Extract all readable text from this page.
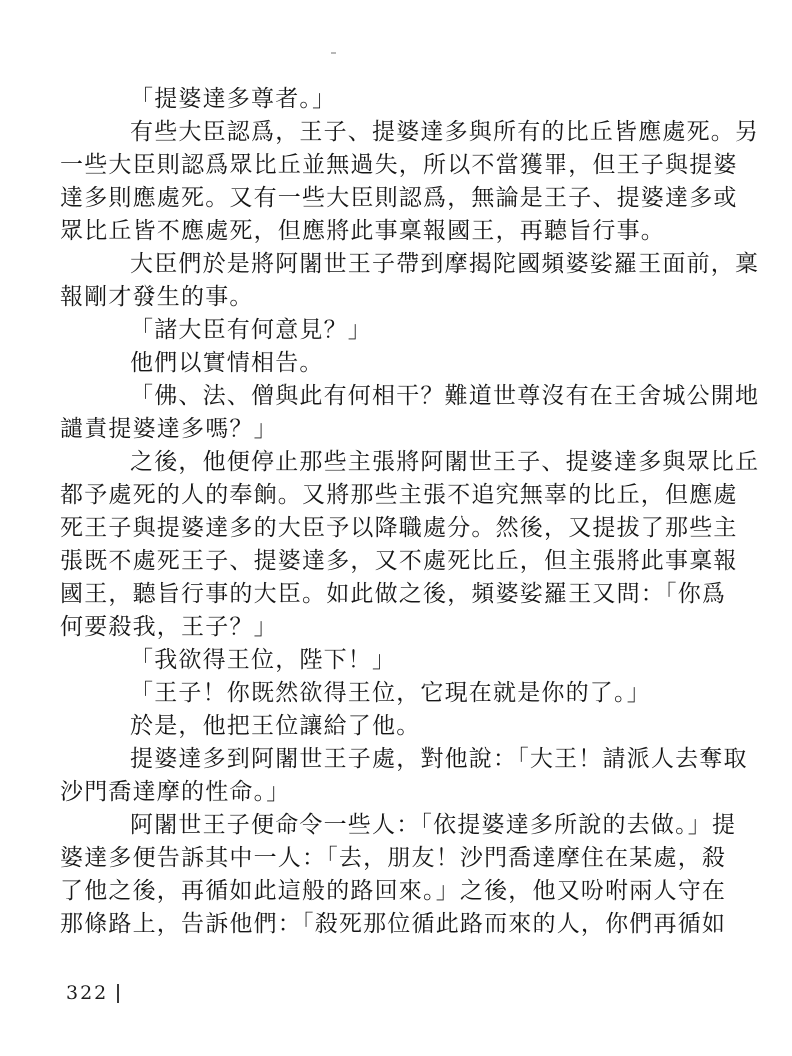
「提婆達多尊者。」
有些大臣認爲，王子、提婆達多與所有的比丘皆應處死。另
一些大臣則認爲眾比丘並無過失，所以不當獲罪，但王子與提婆
達多則應處死。又有一些大臣則認爲，無論是王子、提婆達多或
眾比丘皆不應處死，但應將此事稟報國王，再聽旨行事。
大臣們於是將阿闍世王子帶到摩揭陀國頻婆娑羅王面前，稟
報剛才發生的事。
「諸大臣有何意見？」
他們以實情相告。
「佛、法、僧與此有何相干？難道世尊沒有在王舍城公開地
譴責提婆達多嗎？」
之後，他便停止那些主張將阿闍世王子、提婆達多與眾比丘
都予處死的人的奉餉。又將那些主張不追究無辜的比丘，但應處
死王子與提婆達多的大臣予以降職處分。然後，又提拔了那些主
張既不處死王子、提婆達多，又不處死比丘，但主張將此事稟報
國王，聽旨行事的大臣。如此做之後，頻婆娑羅王又問：「你爲
何要殺我，王子？」
「我欲得王位，陛下！」
「王子！你既然欲得王位，它現在就是你的了。」
於是，他把王位讓給了他。
提婆達多到阿闍世王子處，對他說：「大王！請派人去奪取
沙門喬達摩的性命。」
阿闍世王子便命令一些人：「依提婆達多所說的去做。」提
婆達多便告訴其中一人：「去，朋友！沙門喬達摩住在某處，殺
了他之後，再循如此這般的路回來。」之後，他又吩咐兩人守在
那條路上，告訴他們：「殺死那位循此路而來的人，你們再循如
322
